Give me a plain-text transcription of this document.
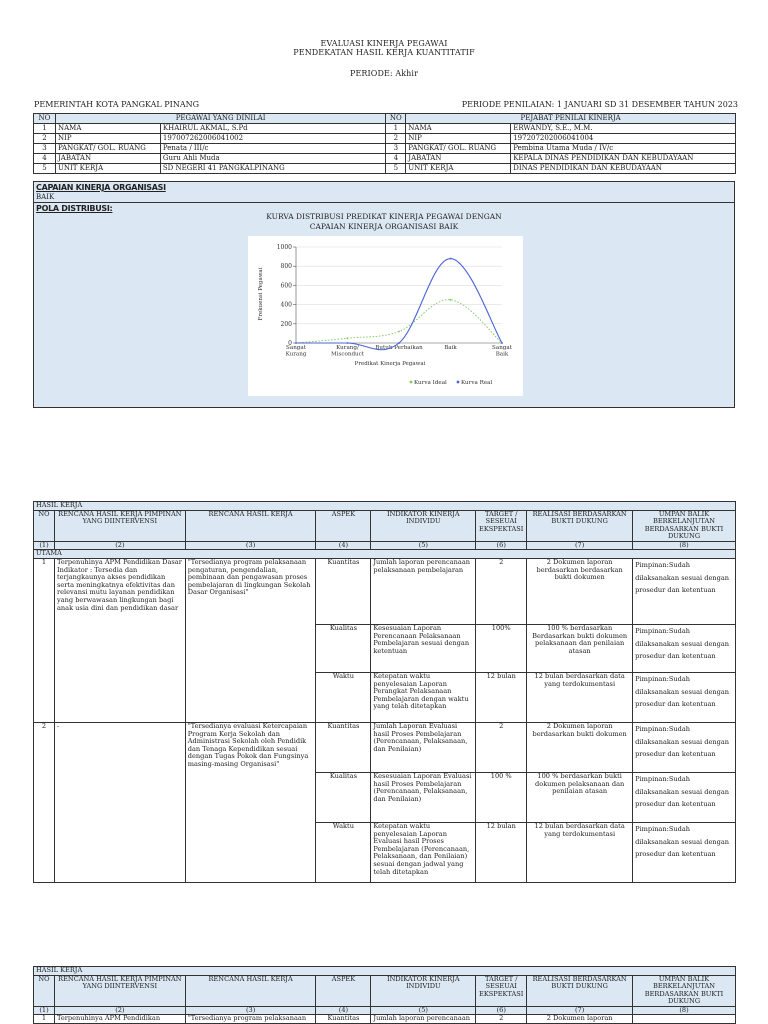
EVALUASI KINERJA PEGAWAI
PENDEKATAN HASIL KERJA KUANTITATIF
PERIODE: Akhir
PEMERINTAH KOTA PANGKAL PINANG	PERIODE PENILAIAN: 1 JANUARI SD 31 DESEMBER TAHUN 2023
NO	PEGAWAI YANG DINILAI		NO	PEJABAT PENILAI KINERJA	
1	NAMA	KHAIRUL AKMAL, S.Pd	1	NAMA	ERWANDY, S.E., M.M.
2	NIP	197007262006041002	2	NIP	197207202006041004
3	PANGKAT/ GOL. RUANG	Penata / III/c	3	PANGKAT/ GOL. RUANG	Pembina Utama Muda / IV/c
4	JABATAN	Guru Ahli Muda	4	JABATAN	KEPALA DINAS PENDIDIKAN DAN KEBUDAYAAN
5	UNIT KERJA	SD NEGERI 41 PANGKALPINANG	5	UNIT KERJA	DINAS PENDIDIKAN DAN KEBUDAYAAN
CAPAIAN KINERJA ORGANISASI
BAIK
POLA DISTRIBUSI:
KURVA DISTRIBUSI PREDIKAT KINERJA PEGAWAI DENGAN
CAPAIAN KINERJA ORGANISASI BAIK
0
200
400
600
800
1000
Sangat
Kurang
Kurang/
Misconduct
Butuh Perbaikan	Baik	Sangat
Baik
Frekuensi Pegawai
Predikat Kinerja Pegawai
Kurva Ideal	Kurva Real
HASIL KERJA							
NO	RENCANA HASIL KERJA PIMPINAN YANG DIINTERVENSI	RENCANA HASIL KERJA	ASPEK	INDIKATOR KINERJA INDIVIDU	TARGET / SESEUAI EKSPEKTASI	REALISASI BERDASARKAN BUKTI DUKUNG	UMPAN BALIK BERKELANJUTAN BERDASARKAN BUKTI DUKUNG
(1)	(2)	(3)	(4)	(5)	(6)	(7)	(8)
UTAMA							
1	Terpenuhinya APM Pendidikan Dasar Indikator : Tersedia dan terjangkaunya akses pendidikan serta meningkatnya efektivitas dan relevansi mutu layanan pendidikan yang berwawasan lingkungan bagi anak usia dini dan pendidikan dasar	"Tersedianya program pelaksanaan pengaturan, pengendalian, pembinaan dan pengawasan proses pembelajaran di lingkungan Sekolah Dasar Organisasi"	Kuantitas	Jumlah laporan perencanaan pelaksanaan pembelajaran	2	2 Dokumen laporan berdasarkan berdasarkan bukti dokumen	Pimpinan:Sudah dilaksanakan sesuai dengan prosedur dan ketentuan
			Kualitas	Kesesuaian Laporan Perencanaan Pelaksanaan Pembelajaran sesuai dengan ketentuan	100%	100 % berdasarkan Berdasarkan bukti dokumen pelaksanaan dan penilaian atasan	Pimpinan:Sudah dilaksanakan sesuai dengan prosedur dan ketentuan
			Waktu	Ketepatan waktu penyelesaian Laporan Perangkat Pelaksanaan Pembelajaran dengan waktu yang telah ditetapkan	12 bulan	12 bulan berdasarkan data yang terdokumentasi	Pimpinan:Sudah dilaksanakan sesuai dengan prosedur dan ketentuan
2	-	"Tersedianya evaluasi Ketercapaian Program Kerja Sekolah dan Administrasi Sekolah oleh Pendidik dan Tenaga Kependidikan sesuai dengan Tugas Pokok dan Fungsinya masing-masing Organisasi"	Kuantitas	Jumlah Laporan Evaluasi hasil Proses Pembelajaran (Perencanaan, Pelaksanaan, dan Penilaian)	2	2 Dokumen laporan berdasarkan bukti dokumen	Pimpinan:Sudah dilaksanakan sesuai dengan prosedur dan ketentuan
			Kualitas	Kesesuaian Laporan Evaluasi hasil Proses Pembelajaran (Perencanaan, Pelaksanaan, dan Penilaian)	100 %	100 % berdasarkan bukti dokumen pelaksanaan dan penilaian atasan	Pimpinan:Sudah dilaksanakan sesuai dengan prosedur dan ketentuan
			Waktu	Ketepatan waktu penyelesaian Laporan Evaluasi hasil Proses Pembelajaran (Perencanaan, Pelaksanaan, dan Penilaian) sesuai dengan jadwal yang telah ditetapkan	12 bulan	12 bulan berdasarkan data yang terdokumentasi	Pimpinan:Sudah dilaksanakan sesuai dengan prosedur dan ketentuan
HASIL KERJA							
NO	RENCANA HASIL KERJA PIMPINAN YANG DIINTERVENSI	RENCANA HASIL KERJA	ASPEK	INDIKATOR KINERJA INDIVIDU	TARGET / SESEUAI EKSPEKTASI	REALISASI BERDASARKAN BUKTI DUKUNG	UMPAN BALIK BERKELANJUTAN BERDASARKAN BUKTI DUKUNG
(1)	(2)	(3)	(4)	(5)	(6)	(7)	(8)
1	Terpenuhinya APM Pendidikan	"Tersedianya program pelaksanaan	Kuantitas	Jumlah laporan perencanaan	2	2 Dokumen laporan	
